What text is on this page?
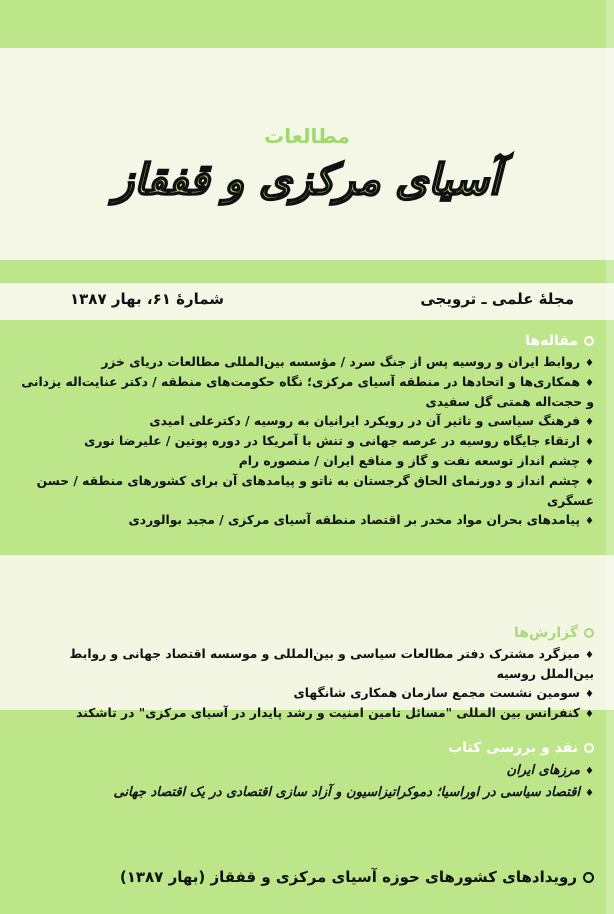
مطالعات
آسیای مرکزی و قفقاز
مجلهٔ علمی ـ ترویجی
شمارهٔ ۶۱، بهار ۱۳۸۷
مقاله‌ها
♦ روابط ایران و روسیه پس از جنگ سرد / مؤسسه بین‌المللی مطالعات دریای خزر
♦ همکاری‌ها و اتحادها در منطقه آسیای مرکزی؛ نگاه حکومت‌های منطقه / دکتر عنایت‌اله یزدانی و حجت‌اله همتی گل سفیدی
♦ فرهنگ سیاسی و تاثیر آن در رویکرد ایرانیان به روسیه / دکترعلی امیدی
♦ ارتقاء جایگاه روسیه در عرصه جهانی و تنش با آمریکا در دوره پوتین / علیرضا نوری
♦ چشم انداز توسعه نفت و گاز و منافع ایران / منصوره رام
♦ چشم انداز و دورنمای الحاق گرجستان به ناتو و پیامدهای آن برای کشورهای منطقه / حسن عسگری
♦ پیامدهای بحران مواد مخدر بر اقتصاد منطقه آسیای مرکزی / مجید بوالوردی
گزارش‌ها
♦ میزگرد مشترک دفتر مطالعات سیاسی و بین‌المللی و موسسه اقتصاد جهانی و روابط بین‌الملل روسیه
♦ سومین نشست مجمع سازمان همکاری شانگهای
♦ کنفرانس بین المللی "مسائل تامین امنیت و رشد پایدار در آسیای مرکزی" در تاشکند
نقد و بررسی کتاب
♦ مرزهای ایران
♦ اقتصاد سیاسی در اوراسیا؛ دموکراتیزاسیون و آزاد سازی اقتصادی در یک اقتصاد جهانی
رویدادهای کشورهای حوزه آسیای مرکزی و قفقاز (بهار ۱۳۸۷)
